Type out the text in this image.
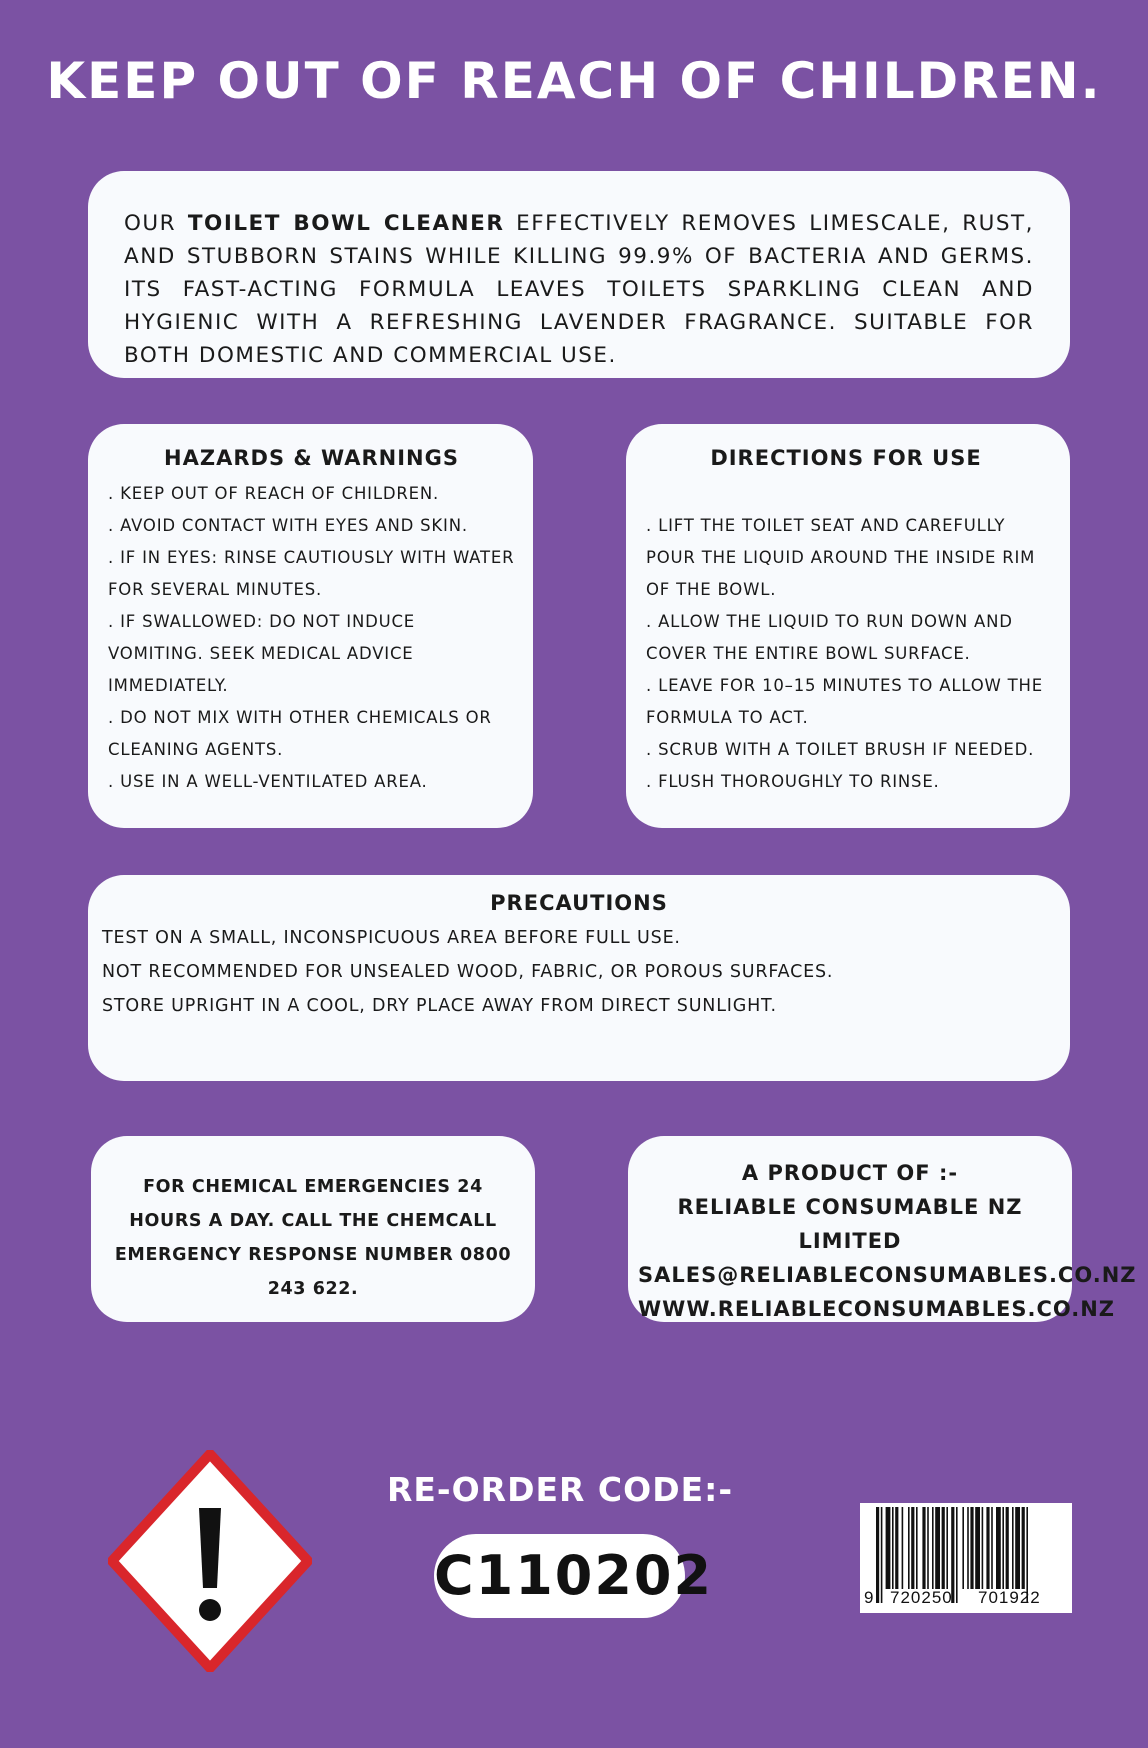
KEEP OUT OF REACH OF CHILDREN.

OUR TOILET BOWL CLEANER EFFECTIVELY REMOVES LIMESCALE, RUST, AND STUBBORN STAINS WHILE KILLING 99.9% OF BACTERIA AND GERMS. ITS FAST-ACTING FORMULA LEAVES TOILETS SPARKLING CLEAN AND HYGIENIC WITH A REFRESHING LAVENDER FRAGRANCE. SUITABLE FOR BOTH DOMESTIC AND COMMERCIAL USE.

HAZARDS & WARNINGS
. KEEP OUT OF REACH OF CHILDREN.
. AVOID CONTACT WITH EYES AND SKIN.
. IF IN EYES: RINSE CAUTIOUSLY WITH WATER FOR SEVERAL MINUTES.
. IF SWALLOWED: DO NOT INDUCE VOMITING. SEEK MEDICAL ADVICE IMMEDIATELY.
. DO NOT MIX WITH OTHER CHEMICALS OR CLEANING AGENTS.
. USE IN A WELL-VENTILATED AREA.
DIRECTIONS FOR USE
. LIFT THE TOILET SEAT AND CAREFULLY POUR THE LIQUID AROUND THE INSIDE RIM OF THE BOWL.
. ALLOW THE LIQUID TO RUN DOWN AND COVER THE ENTIRE BOWL SURFACE.
. LEAVE FOR 10–15 MINUTES TO ALLOW THE FORMULA TO ACT.
. SCRUB WITH A TOILET BRUSH IF NEEDED.
. FLUSH THOROUGHLY TO RINSE.
PRECAUTIONS
TEST ON A SMALL, INCONSPICUOUS AREA BEFORE FULL USE.
NOT RECOMMENDED FOR UNSEALED WOOD, FABRIC, OR POROUS SURFACES.
STORE UPRIGHT IN A COOL, DRY PLACE AWAY FROM DIRECT SUNLIGHT.

FOR CHEMICAL EMERGENCIES 24 HOURS A DAY. CALL THE CHEMCALL EMERGENCY RESPONSE NUMBER 0800 243 622.

A PRODUCT OF :-
RELIABLE CONSUMABLE NZ LIMITED
SALES@RELIABLECONSUMABLES.CO.NZ
WWW.RELIABLECONSUMABLES.CO.NZ
RE-ORDER CODE:-
C110202	9 720250 701922
